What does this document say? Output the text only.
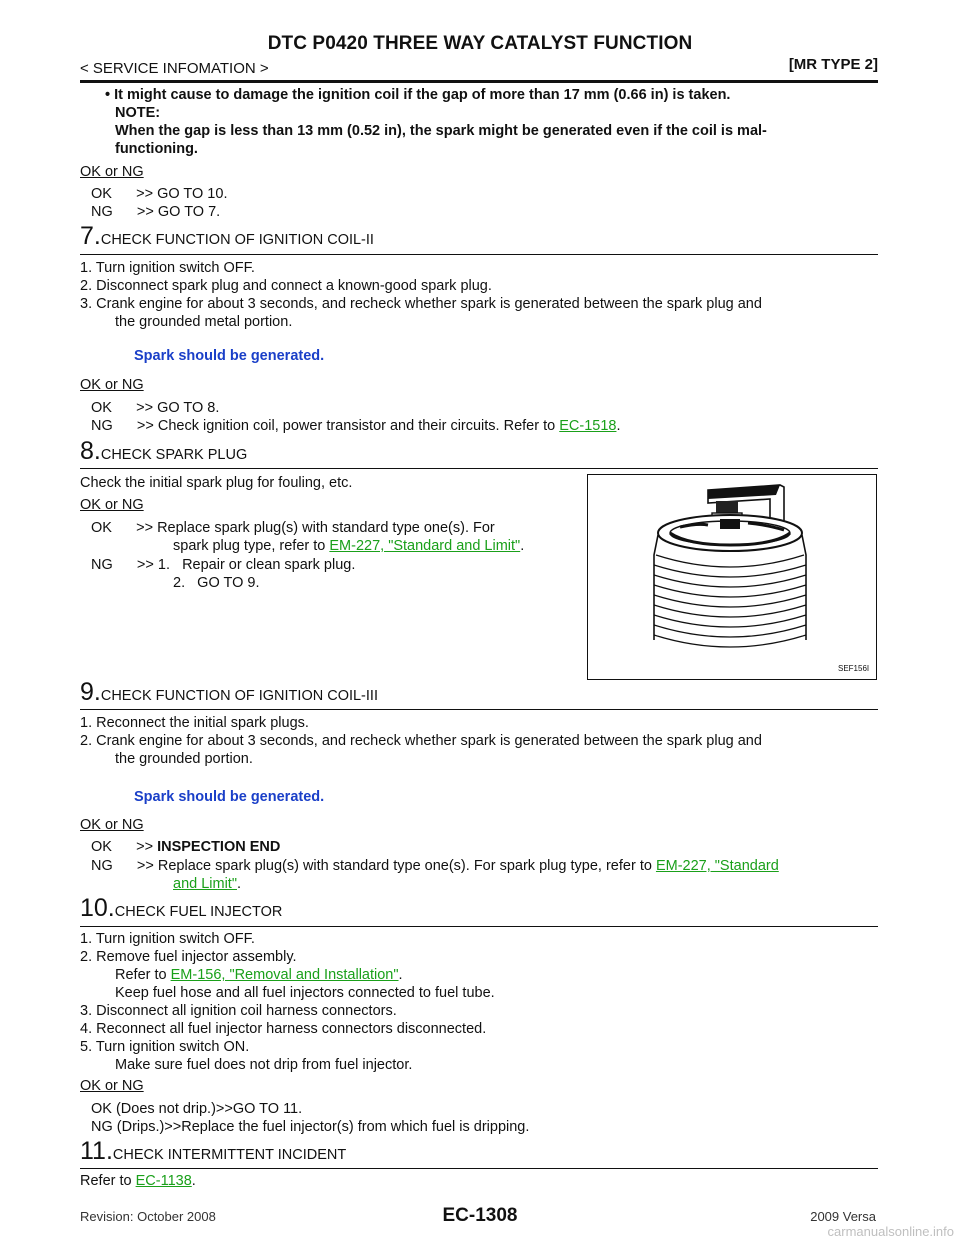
DTC P0420 THREE WAY CATALYST FUNCTION
< SERVICE INFOMATION >	[MR TYPE 2]
• It might cause to damage the ignition coil if the gap of more than 17 mm (0.66 in) is taken.
NOTE:
When the gap is less than 13 mm (0.52 in), the spark might be generated even if the coil is mal-
functioning.
OK or NG
OK      >> GO TO 10.
NG      >> GO TO 7.
7.CHECK FUNCTION OF IGNITION COIL-II
1. Turn ignition switch OFF.
2. Disconnect spark plug and connect a known-good spark plug.
3. Crank engine for about 3 seconds, and recheck whether spark is generated between the spark plug and
the grounded metal portion.
Spark should be generated.
OK or NG
OK      >> GO TO 8.
NG      >> Check ignition coil, power transistor and their circuits. Refer to EC-1518.
8.CHECK SPARK PLUG
Check the initial spark plug for fouling, etc.
OK or NG
OK      >> Replace spark plug(s) with standard type one(s). For
spark plug type, refer to EM-227, "Standard and Limit".
NG      >> 1.   Repair or clean spark plug.
2.   GO TO 9.
SEF156I
9.CHECK FUNCTION OF IGNITION COIL-III
1. Reconnect the initial spark plugs.
2. Crank engine for about 3 seconds, and recheck whether spark is generated between the spark plug and
the grounded portion.
Spark should be generated.
OK or NG
OK      >> INSPECTION END
NG      >> Replace spark plug(s) with standard type one(s). For spark plug type, refer to EM-227, "Standard
and Limit".
10.CHECK FUEL INJECTOR
1. Turn ignition switch OFF.
2. Remove fuel injector assembly.
Refer to EM-156, "Removal and Installation".
Keep fuel hose and all fuel injectors connected to fuel tube.
3. Disconnect all ignition coil harness connectors.
4. Reconnect all fuel injector harness connectors disconnected.
5. Turn ignition switch ON.
Make sure fuel does not drip from fuel injector.
OK or NG
OK (Does not drip.)>>GO TO 11.
NG (Drips.)>>Replace the fuel injector(s) from which fuel is dripping.
11.CHECK INTERMITTENT INCIDENT
Refer to EC-1138.
Revision: October 2008	EC-1308	2009 Versa
carmanualsonline.info
